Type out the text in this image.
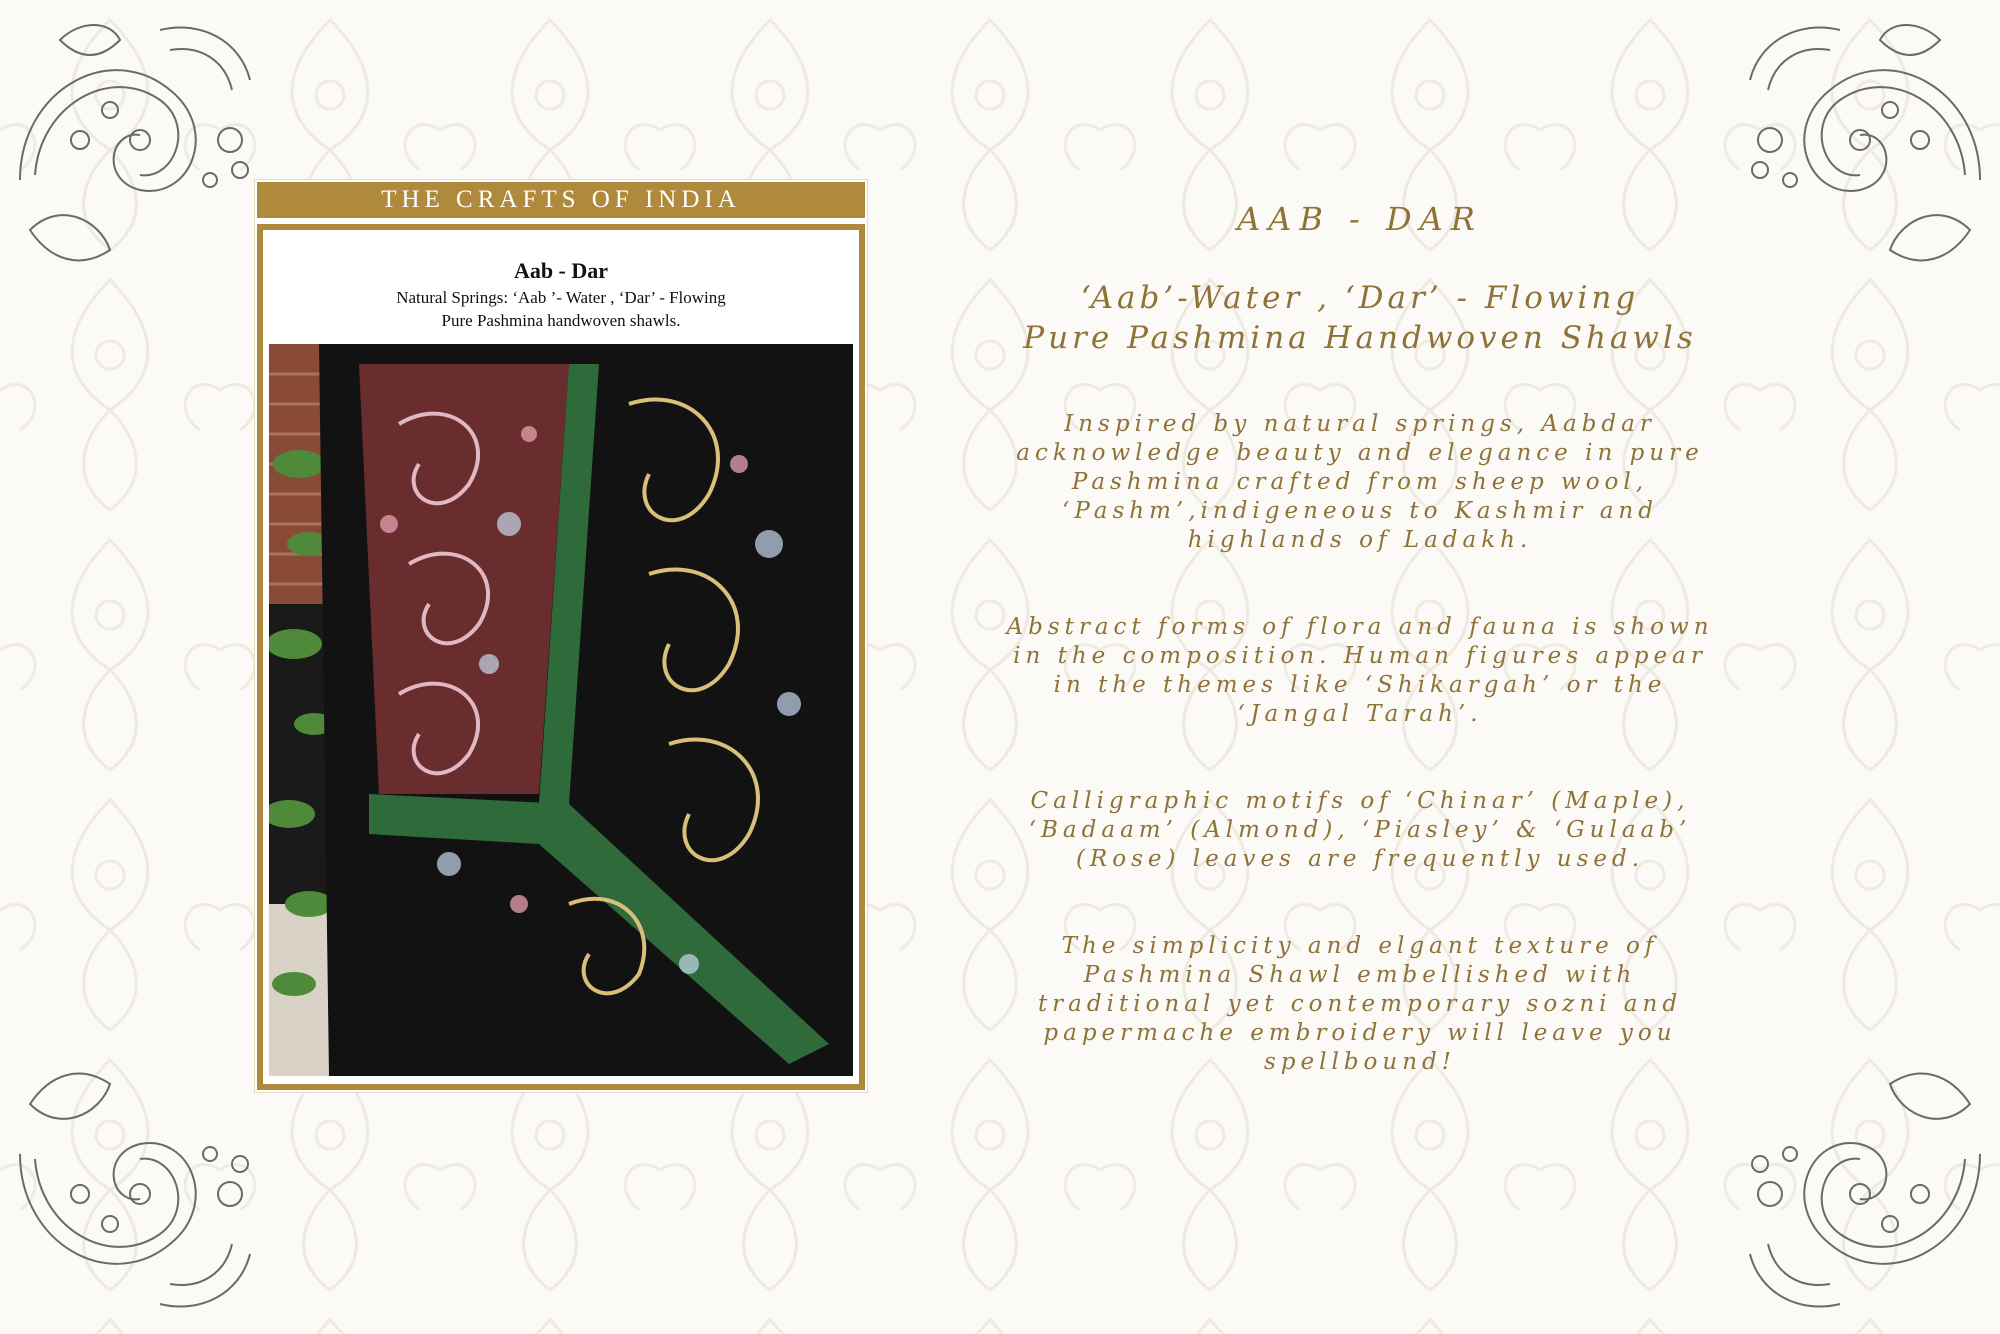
THE CRAFTS OF INDIA
Aab - Dar
Natural Springs: ‘Aab ’- Water , ‘Dar’ - Flowing
Pure Pashmina handwoven shawls.
AAB - DAR
‘Aab’-Water , ‘Dar’ - Flowing
Pure Pashmina Handwoven Shawls
Inspired by natural springs, Aabdar
acknowledge beauty and elegance in pure
Pashmina crafted from sheep wool,
‘Pashm’,indigeneous to Kashmir and
highlands of Ladakh.
Abstract forms of flora and fauna is shown
in the composition. Human figures appear
in the themes like ‘Shikargah’ or the
‘Jangal Tarah’.
Calligraphic motifs of ‘Chinar’ (Maple),
‘Badaam’ (Almond), ‘Piasley’ & ‘Gulaab’
(Rose) leaves are frequently used.
The simplicity and elgant texture of
Pashmina Shawl embellished with
traditional yet contemporary sozni and
papermache embroidery will leave you
spellbound!
